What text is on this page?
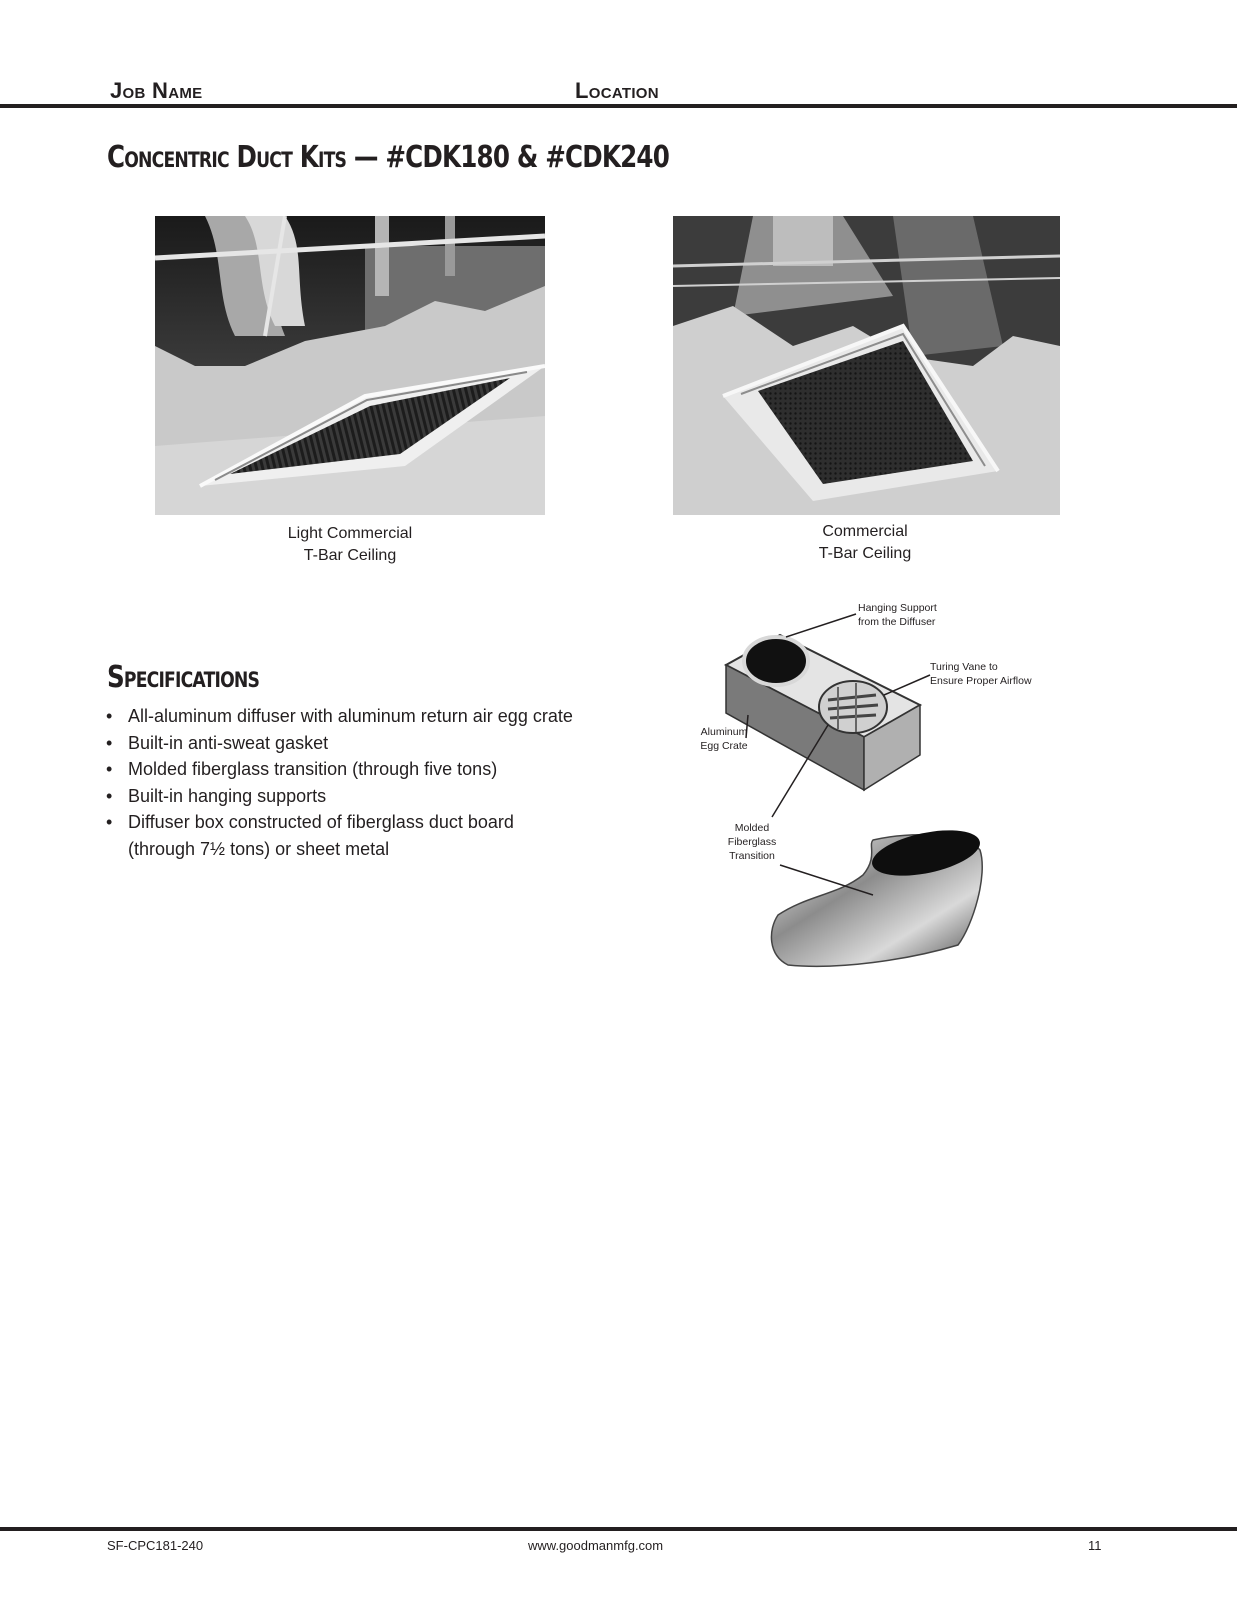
Job Name	Location
Concentric Duct Kits — #CDK180 & #CDK240
Light Commercial
T-Bar Ceiling
Commercial
T-Bar Ceiling
Specifications
• All-aluminum diffuser with aluminum return air egg crate
• Built-in anti-sweat gasket
• Molded fiberglass transition (through five tons)
• Built-in hanging supports
• Diffuser box constructed of fiberglass duct board
(through 7½ tons) or sheet metal
Hanging Support
from the Diffuser
Turing Vane to
Ensure Proper Airflow
Aluminum
Egg Crate
Molded
Fiberglass
Transition
SF-CPC181-240	www.goodmanmfg.com	11
